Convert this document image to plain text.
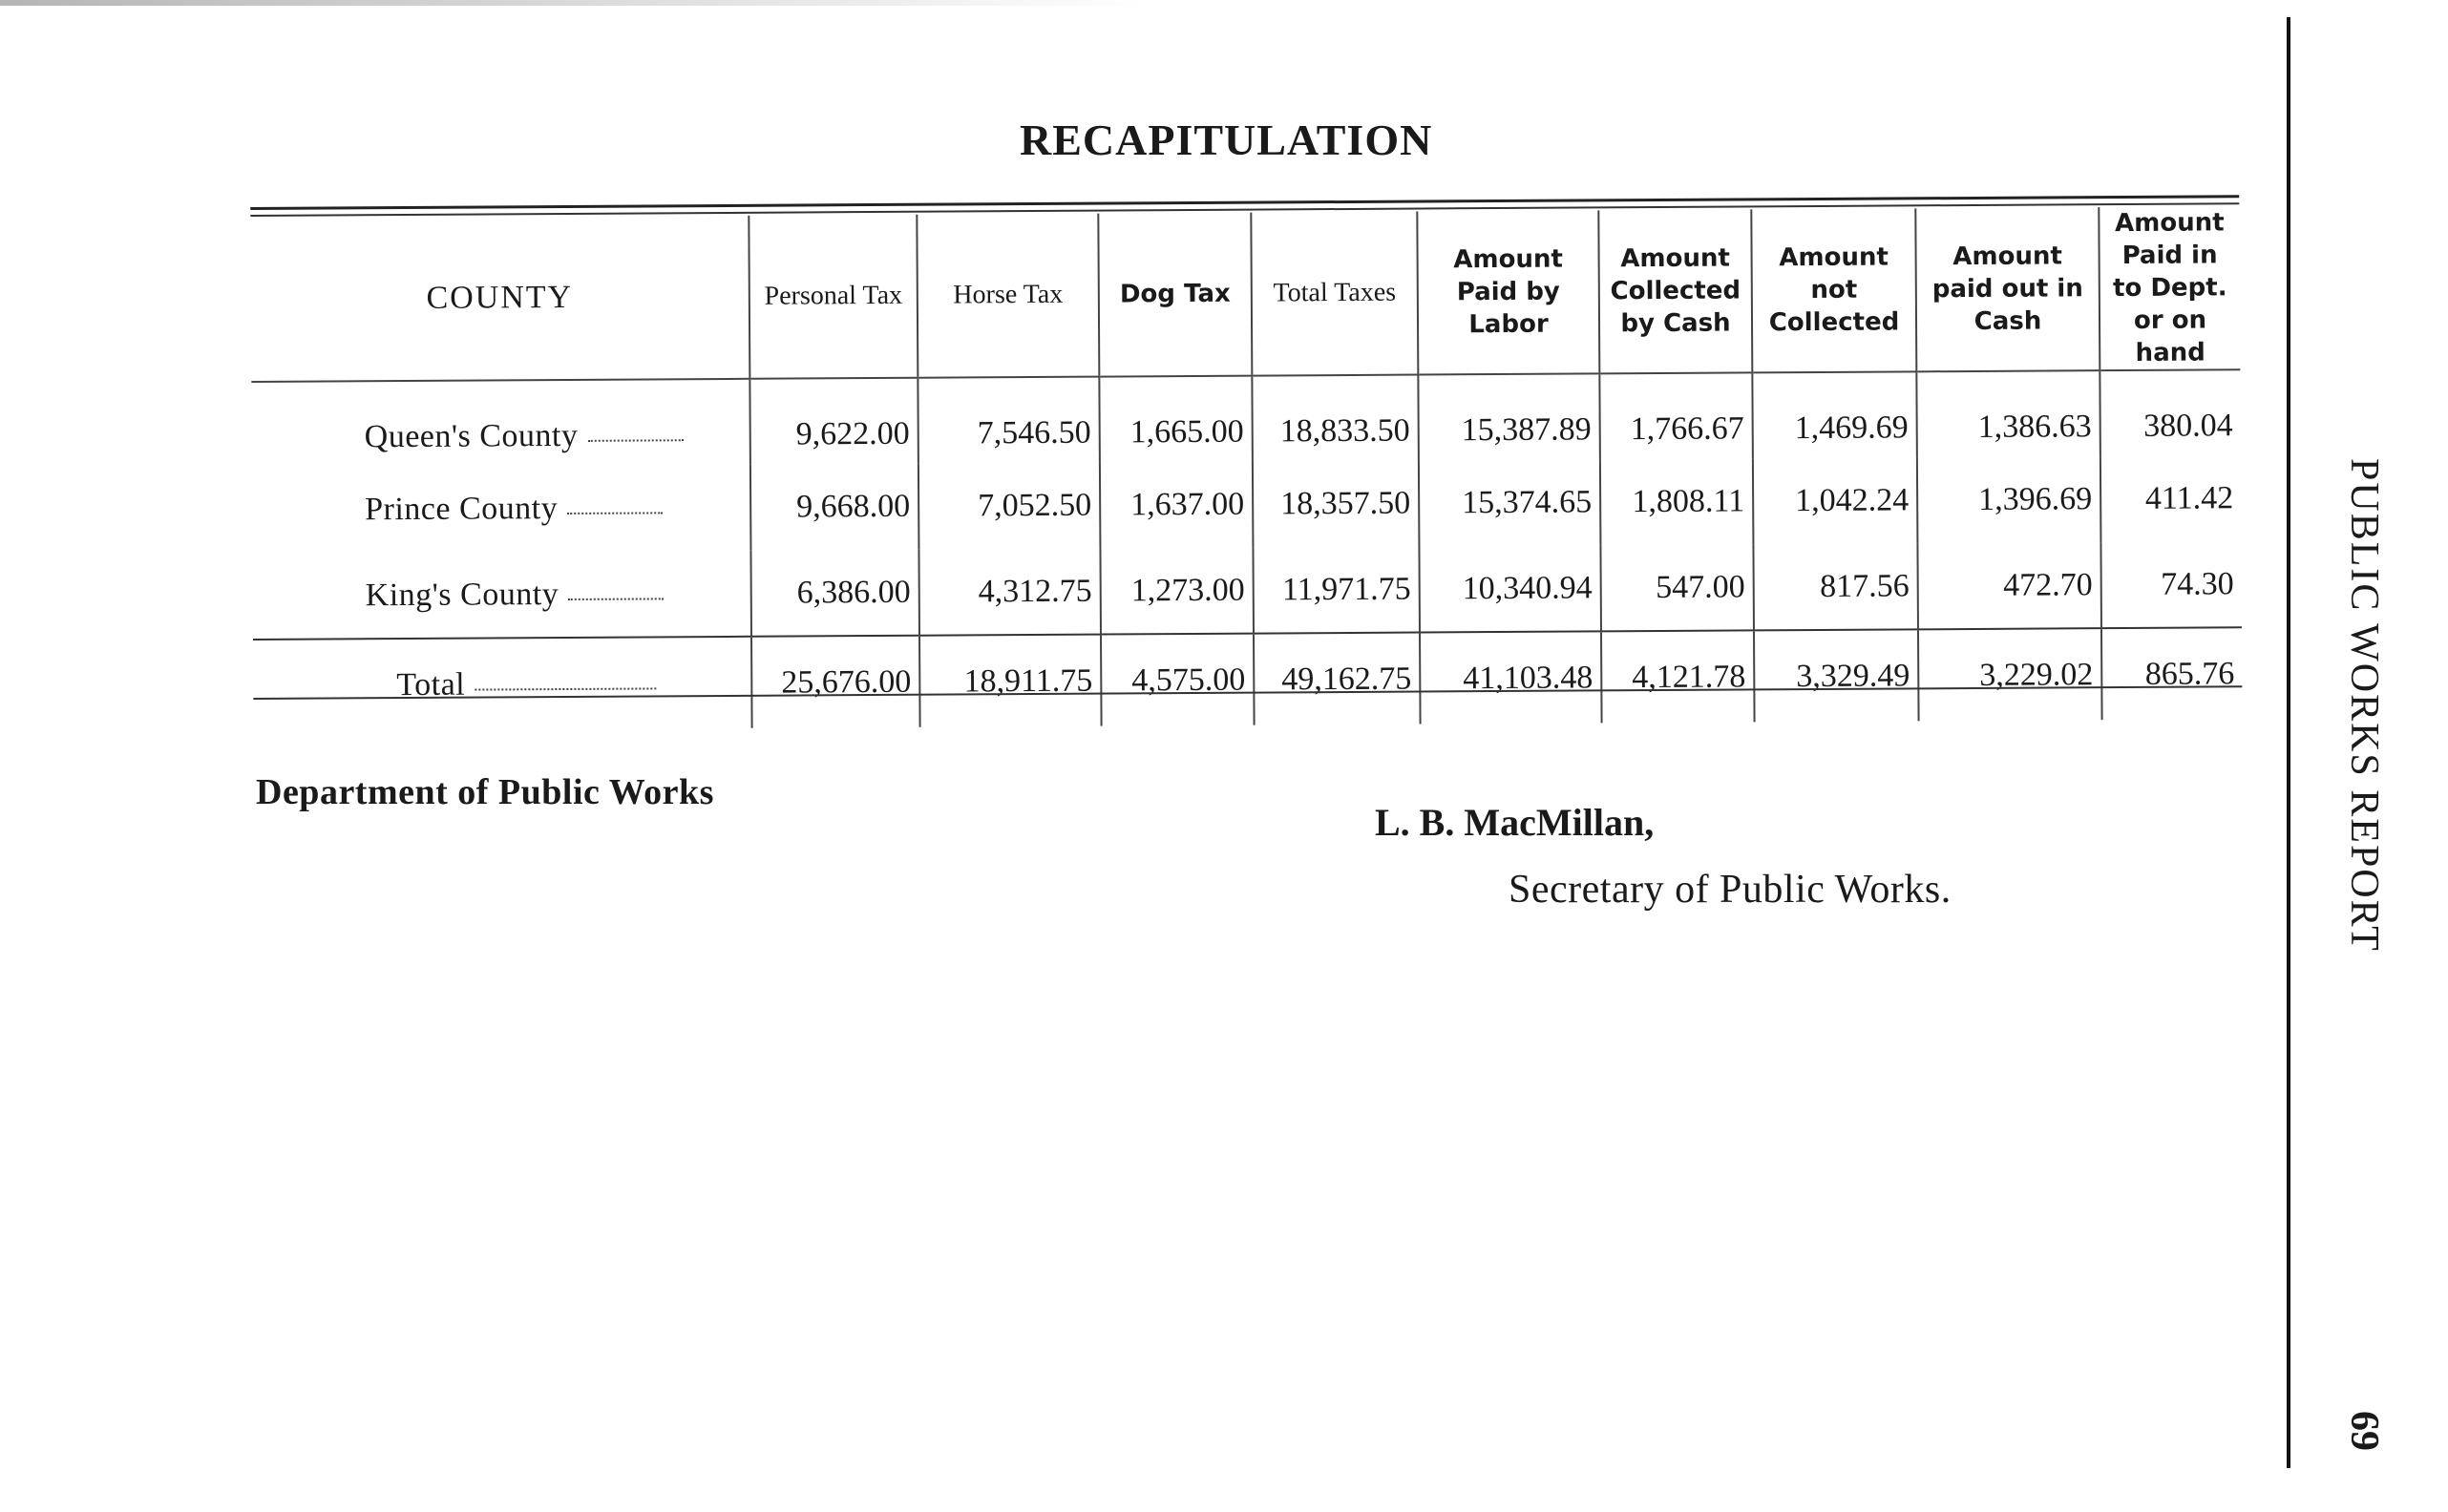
RECAPITULATION
COUNTY	Personal Tax	Horse Tax	Dog Tax	Total Taxes	Amount Paid by Labor	Amount Collected by Cash	Amount not Collected	Amount paid out in Cash	Amount Paid in to Dept. or on hand
Queen's County	9,622.00	7,546.50	1,665.00	18,833.50	15,387.89	1,766.67	1,469.69	1,386.63	380.04
Prince County	9,668.00	7,052.50	1,637.00	18,357.50	15,374.65	1,808.11	1,042.24	1,396.69	411.42
King's County	6,386.00	4,312.75	1,273.00	11,971.75	10,340.94	547.00	817.56	472.70	74.30
Total	25,676.00	18,911.75	4,575.00	49,162.75	41,103.48	4,121.78	3,329.49	3,229.02	865.76
Department of Public Works
L. B. MacMillan,
Secretary of Public Works.	PUBLIC WORKS REPORT
69
